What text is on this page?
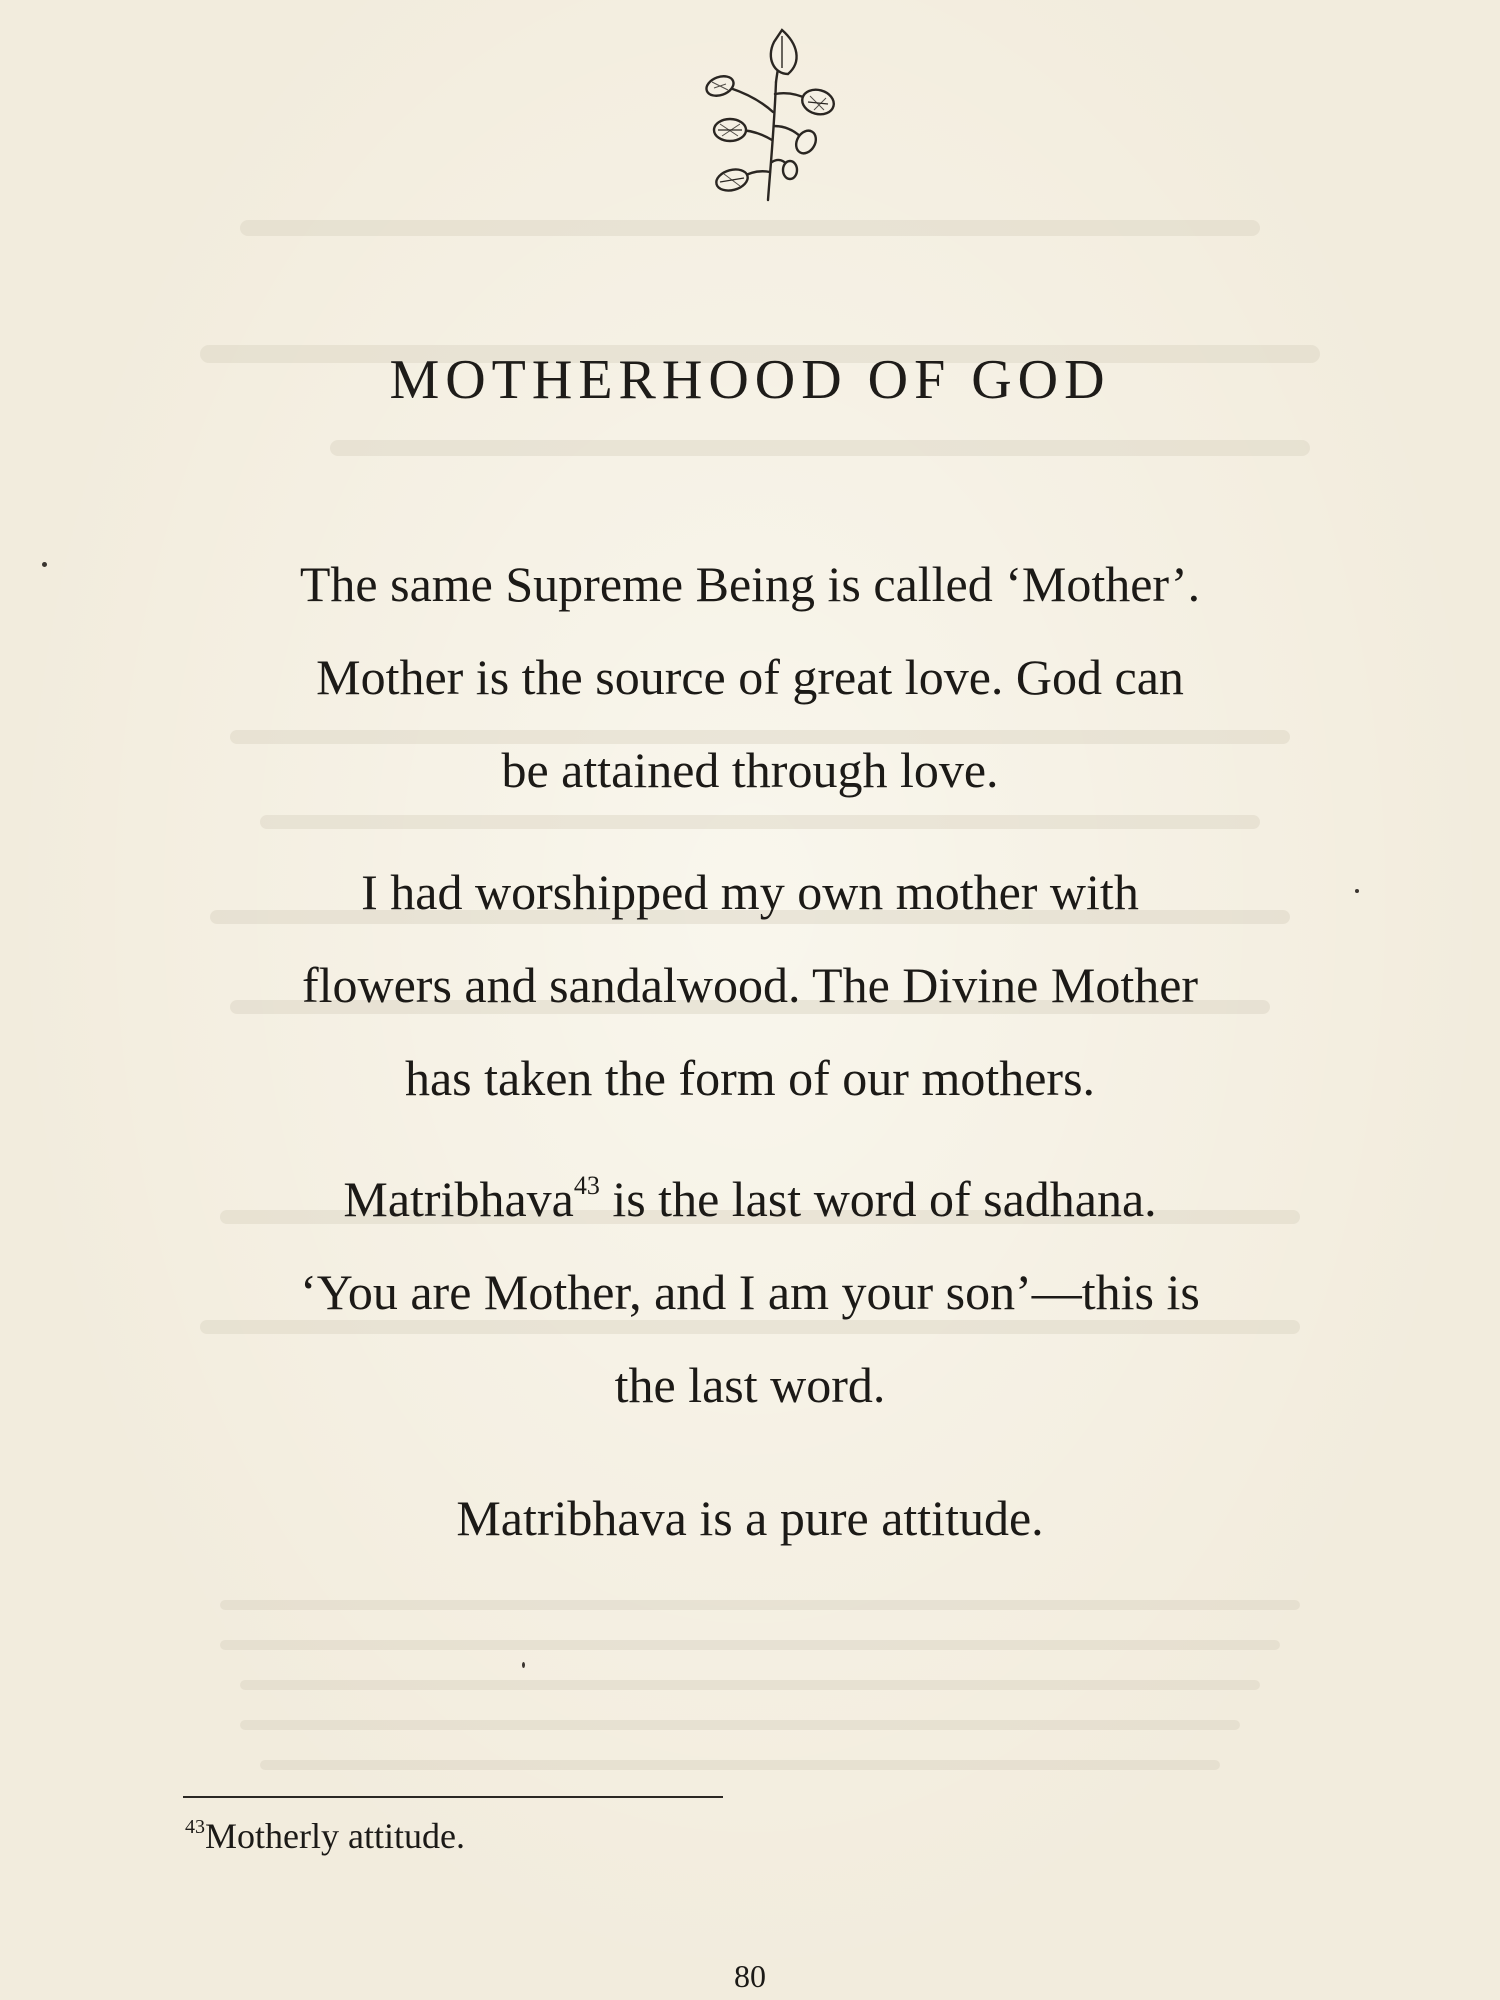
MOTHERHOOD OF GOD
The same Supreme Being is called ‘Mother’.
Mother is the source of great love. God can
be attained through love.
I had worshipped my own mother with
flowers and sandalwood. The Divine Mother
has taken the form of our mothers.
Matribhava$^{43}$ is the last word of sadhana.
‘You are Mother, and I am your son’—this is
the last word.
Matribhava is a pure attitude.
$^{43}$Motherly attitude.
80
